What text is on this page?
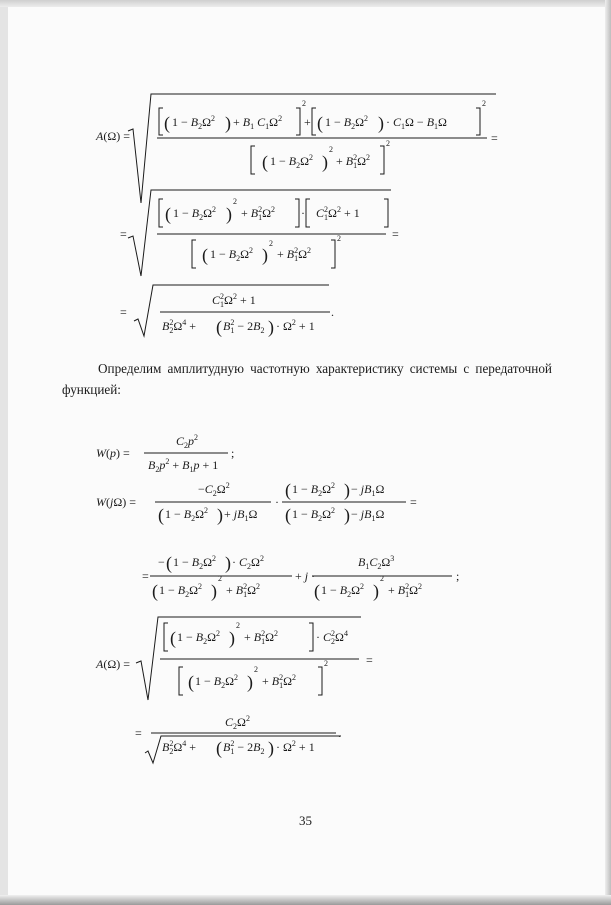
A(Ω) =
( $1 - B_2\Omega^2$ ) + $B_1$ $C_1\Omega^2$
2
+ ( $1 - B_2\Omega^2$ ) · $C_1\Omega - B_1\Omega$
2
( $1 - B_2\Omega^2$ )
2
+ $B^2$ $1\Omega^2$
2	=
=
( $1 - B_2\Omega^2$ )
2
+ $B^2$ $1\Omega^2 \cdot C^2$ $1\Omega^2 + 1$
( $1 - B_2\Omega^2$ )
2
+ $B^2$ $1\Omega^2$
2	=
=
$C^2$ $1\Omega^2 + 1$
$B^2$ $2\Omega^4$ + ( $B^2$ $1 - 2B_2$ ) · $\Omega^2 + 1$
.
W(p) =
$C_2p^2$
$B_2p^2 + B_1p + 1$
;
W(jΩ) =
$-C_2\Omega^2$
( $1 - B_2\Omega^2$ ) + $jB_1\Omega$
·
( $1 - B_2\Omega^2$ ) − $jB_1\Omega$
( $1 - B_2\Omega^2$ ) − $jB_1\Omega$
=
=
− ( $1 - B_2\Omega^2$ ) · $C_2\Omega^2$
( $1 - B_2\Omega^2$ )
2
+ $B^2$ $1\Omega^2$
+ j ·
$B_1C_2\Omega^3$
( $1 - B_2\Omega^2$ )
2
+ $B^2$ $1\Omega^2$
;
A(Ω) =
( $1 - B_2\Omega^2$ )
2
+ $B^2$ $1\Omega^2$	· $C^2$ $2\Omega^4$
( $1 - B_2\Omega^2$ )
2
+ $B^2$ $1\Omega^2$
2	=
=
$C_2\Omega^2$
$B^2$ $2\Omega^4$ + ( $B^2$ $1 - 2B_2$ ) · $\Omega^2 + 1$
.
Определим амплитудную частотную характеристику системы с передаточной функцией:
35
